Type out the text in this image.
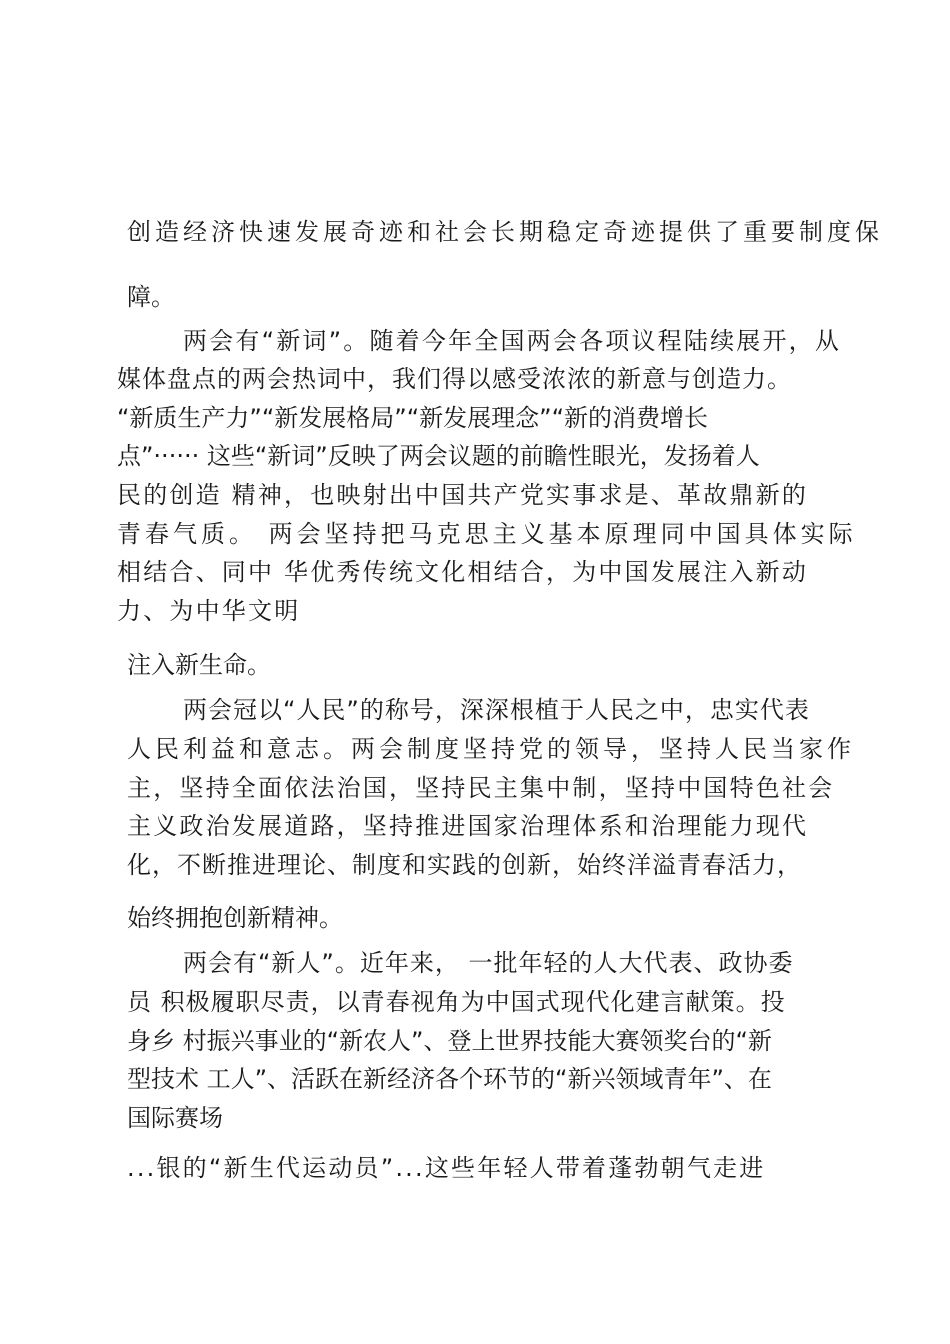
创造经济快速发展奇迹和社会长期稳定奇迹提供了重要制度保
障。
两会有“新词”。随着今年全国两会各项议程陆续展开，从
媒体盘点的两会热词中，我们得以感受浓浓的新意与创造力。
“新质生产力”“新发展格局”“新发展理念”“新的消费增长
点”······ 这些“新词”反映了两会议题的前瞻性眼光，发扬着人
民的创造 精神，也映射出中国共产党实事求是、革故鼎新的
青春气质。 两会坚持把马克思主义基本原理同中国具体实际
相结合、同中 华优秀传统文化相结合，为中国发展注入新动
力、为中华文明
注入新生命。
两会冠以“人民”的称号，深深根植于人民之中，忠实代表
人民利益和意志。两会制度坚持党的领导，坚持人民当家作
主，坚持全面依法治国，坚持民主集中制，坚持中国特色社会
主义政治发展道路，坚持推进国家治理体系和治理能力现代
化，不断推进理论、制度和实践的创新，始终洋溢青春活力，
始终拥抱创新精神。
两会有“新人”。近年来， 一批年轻的人大代表、政协委
员 积极履职尽责，以青春视角为中国式现代化建言献策。投
身乡 村振兴事业的“新农人”、登上世界技能大赛领奖台的“新
型技术 工人”、活跃在新经济各个环节的“新兴领域青年”、在
国际赛场
...银的“新生代运动员”...这些年轻人带着蓬勃朝气走进
